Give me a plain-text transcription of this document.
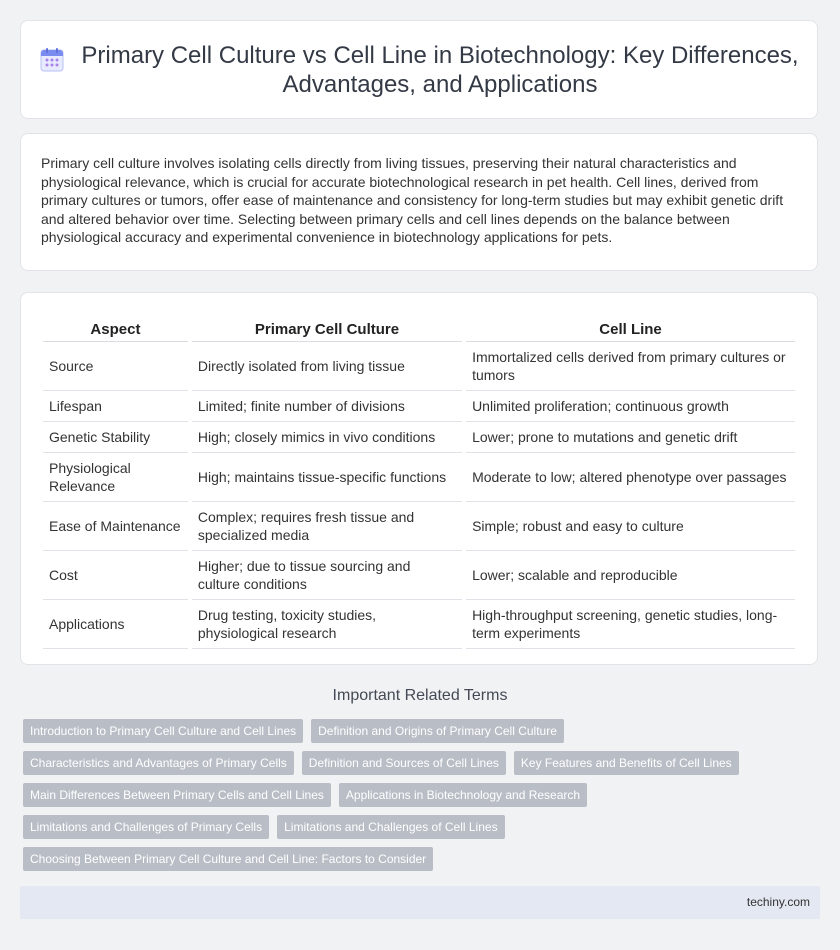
Primary Cell Culture vs Cell Line in Biotechnology: Key Differences, Advantages, and Applications

Primary cell culture involves isolating cells directly from living tissues, preserving their natural characteristics and physiological relevance, which is crucial for accurate biotechnological research in pet health. Cell lines, derived from primary cultures or tumors, offer ease of maintenance and consistency for long-term studies but may exhibit genetic drift and altered behavior over time. Selecting between primary cells and cell lines depends on the balance between physiological accuracy and experimental convenience in biotechnology applications for pets.

Aspect	Primary Cell Culture	Cell Line
Source	Directly isolated from living tissue	Immortalized cells derived from primary cultures or tumors
Lifespan	Limited; finite number of divisions	Unlimited proliferation; continuous growth
Genetic Stability	High; closely mimics in vivo conditions	Lower; prone to mutations and genetic drift
Physiological Relevance	High; maintains tissue-specific functions	Moderate to low; altered phenotype over passages
Ease of Maintenance	Complex; requires fresh tissue and specialized media	Simple; robust and easy to culture
Cost	Higher; due to tissue sourcing and culture conditions	Lower; scalable and reproducible
Applications	Drug testing, toxicity studies, physiological research	High-throughput screening, genetic studies, long-term experiments
Important Related Terms
Introduction to Primary Cell Culture and Cell Lines	Definition and Origins of Primary Cell Culture
Characteristics and Advantages of Primary Cells	Definition and Sources of Cell Lines	Key Features and Benefits of Cell Lines
Main Differences Between Primary Cells and Cell Lines	Applications in Biotechnology and Research
Limitations and Challenges of Primary Cells	Limitations and Challenges of Cell Lines
Choosing Between Primary Cell Culture and Cell Line: Factors to Consider
techiny.com
